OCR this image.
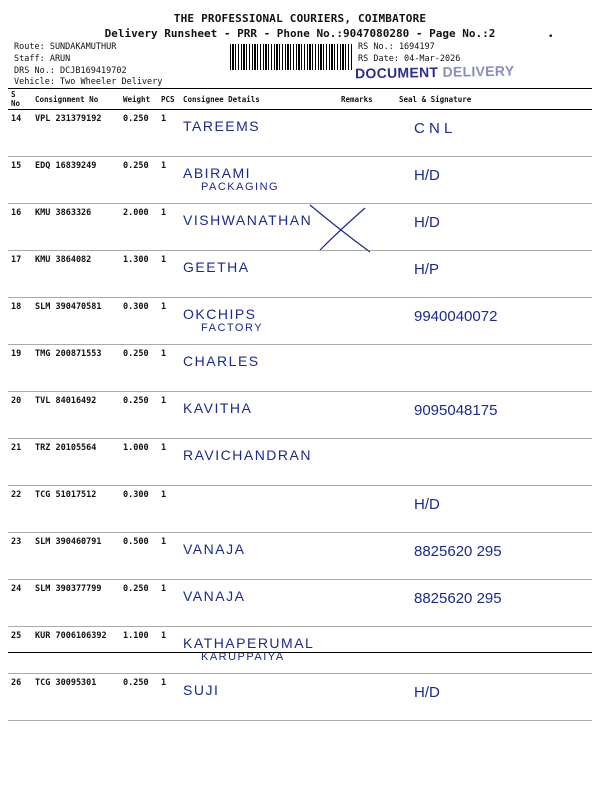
THE PROFESSIONAL COURIERS, COIMBATORE
Delivery Runsheet - PRR - Phone No.:9047080280 - Page No.:2	•
Route: SUNDAKAMUTHUR
Staff: ARUN
DRS No.: DCJB169419702
Vehicle: Two Wheeler Delivery
RS No.: 1694197
RS Date: 04-Mar-2026
DOCUMENT DELIVERY
S No	Consignment No	Weight	PCS	Consignee Details	Remarks	Seal & Signature
14	VPL 231379192	0.250	1	TAREEMS		C N L
15	EDQ 16839249	0.250	1	ABIRAMI
PACKAGING		H/D
16	KMU 3863326	2.000	1	VISHWANATHAN		H/D
17	KMU 3864082	1.300	1	GEETHA		H/P
18	SLM 390470581	0.300	1	OKCHIPS
FACTORY		9940040072
19	TMG 200871553	0.250	1	CHARLES		

20	TVL 84016492	0.250	1	KAVITHA		9095048175
21	TRZ 20105564	1.000	1	RAVICHANDRAN		

22	TCG 51017512	0.300	1			H/D
23	SLM 390460791	0.500	1	VANAJA		8825620 295
24	SLM 390377799	0.250	1	VANAJA		8825620 295
25	KUR 7006106392	1.100	1	KATHAPERUMAL
KARUPPAIYA		

26	TCG 30095301	0.250	1	SUJI		H/D
